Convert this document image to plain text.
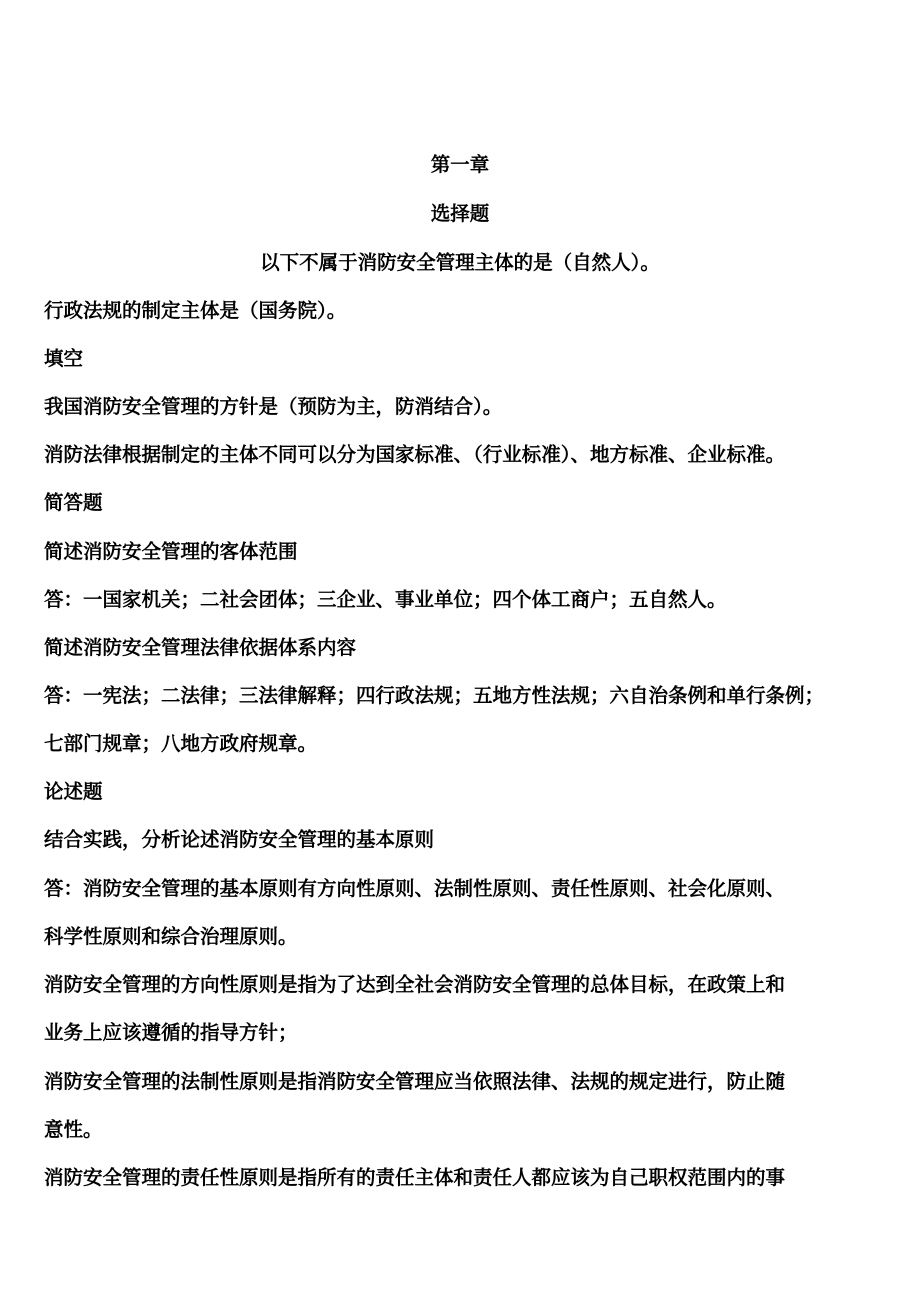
第一章
选择题
以下不属于消防安全管理主体的是（自然人）。
行政法规的制定主体是（国务院）。
填空
我国消防安全管理的方针是（预防为主，防消结合）。
消防法律根据制定的主体不同可以分为国家标准、（行业标准）、地方标准、企业标准。
简答题
简述消防安全管理的客体范围
答：一国家机关；二社会团体；三企业、事业单位；四个体工商户；五自然人。
简述消防安全管理法律依据体系内容
答：一宪法；二法律；三法律解释；四行政法规；五地方性法规；六自治条例和单行条例；
七部门规章；八地方政府规章。
论述题
结合实践，分析论述消防安全管理的基本原则
答：消防安全管理的基本原则有方向性原则、法制性原则、责任性原则、社会化原则、
科学性原则和综合治理原则。
消防安全管理的方向性原则是指为了达到全社会消防安全管理的总体目标，在政策上和
业务上应该遵循的指导方针；
消防安全管理的法制性原则是指消防安全管理应当依照法律、法规的规定进行，防止随
意性。
消防安全管理的责任性原则是指所有的责任主体和责任人都应该为自己职权范围内的事
